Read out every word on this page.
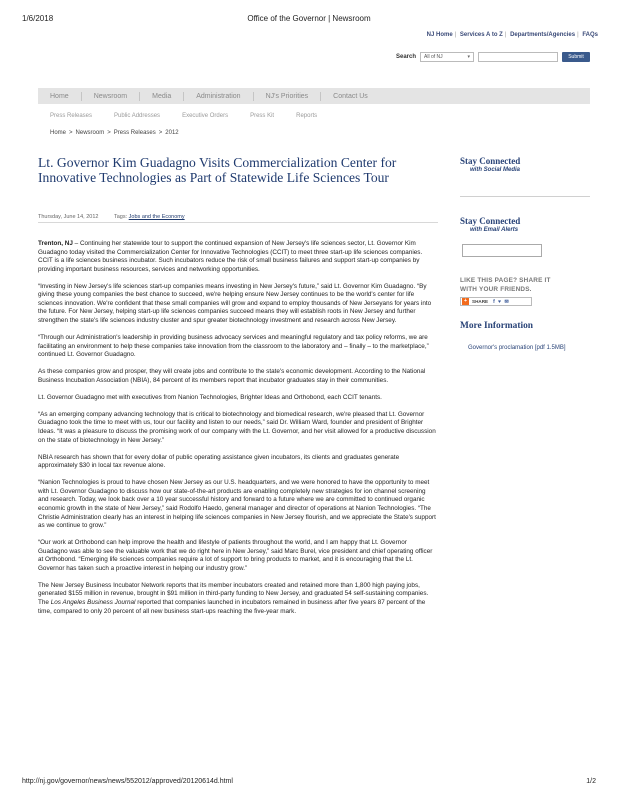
1/6/2018	Office of the Governor | Newsroom
NJ Home | Services A to Z | Departments/Agencies | FAQs
Search	All of NJ	▾	Submit
Home	Newsroom	Media	Administration	NJ's Priorities	Contact Us
Press Releases	Public Addresses	Executive Orders	Press Kit	Reports
Home > Newsroom > Press Releases > 2012
Lt. Governor Kim Guadagno Visits Commercialization Center for Innovative Technologies as Part of Statewide Life Sciences Tour
Thursday, June 14, 2012	Tags: Jobs and the Economy

Trenton, NJ – Continuing her statewide tour to support the continued expansion of New Jersey's life sciences sector, Lt. Governor Kim Guadagno today visited the Commercialization Center for Innovative Technologies (CCIT) to meet three start-up life sciences companies. CCIT is a life sciences business incubator. Such incubators reduce the risk of small business failures and support start-up companies by providing important business resources, services and networking opportunities.

“Investing in New Jersey's life sciences start-up companies means investing in New Jersey's future,” said Lt. Governor Kim Guadagno. “By giving these young companies the best chance to succeed, we're helping ensure New Jersey continues to be the world's center for life sciences innovation. We're confident that these small companies will grow and expand to employ thousands of New Jerseyans for years into the future. For New Jersey, helping start-up life sciences companies succeed means they will establish roots in New Jersey and further strengthen the state's life sciences industry cluster and spur greater biotechnology investment and research across New Jersey.

“Through our Administration's leadership in providing business advocacy services and meaningful regulatory and tax policy reforms, we are facilitating an environment to help these companies take innovation from the classroom to the laboratory and – finally – to the marketplace,” continued Lt. Governor Guadagno.

As these companies grow and prosper, they will create jobs and contribute to the state's economic development. According to the National Business Incubation Association (NBIA), 84 percent of its members report that incubator graduates stay in their communities.

Lt. Governor Guadagno met with executives from Nanion Technologies, Brighter Ideas and Orthobond, each CCIT tenants.

“As an emerging company advancing technology that is critical to biotechnology and biomedical research, we're pleased that Lt. Governor Guadagno took the time to meet with us, tour our facility and listen to our needs,” said Dr. William Ward, founder and president of Brighter Ideas. “It was a pleasure to discuss the promising work of our company with the Lt. Governor, and her visit allowed for a productive discussion on the state of biotechnology in New Jersey.”

NBIA research has shown that for every dollar of public operating assistance given incubators, its clients and graduates generate approximately $30 in local tax revenue alone.

“Nanion Technologies is proud to have chosen New Jersey as our U.S. headquarters, and we were honored to have the opportunity to meet with Lt. Governor Guadagno to discuss how our state-of-the-art products are enabling completely new strategies for ion channel screening and research. Today, we look back over a 10 year successful history and forward to a future where we are committed to continued organic economic growth in the state of New Jersey,” said Rodolfo Haedo, general manager and director of operations at Nanion Technologies. “The Christie Administration clearly has an interest in helping life sciences companies in New Jersey flourish, and we appreciate the State's support as we continue to grow.”

“Our work at Orthobond can help improve the health and lifestyle of patients throughout the world, and I am happy that Lt. Governor Guadagno was able to see the valuable work that we do right here in New Jersey,” said Marc Burel, vice president and chief operating officer at Orthobond. “Emerging life sciences companies require a lot of support to bring products to market, and it is encouraging that the Lt. Governor has taken such a proactive interest in helping our industry grow.”

The New Jersey Business Incubator Network reports that its member incubators created and retained more than 1,800 high paying jobs, generated $155 million in revenue, brought in $91 million in third-party funding to New Jersey, and graduated 54 self-sustaining companies. The Los Angeles Business Journal reported that companies launched in incubators remained in business after five years 87 percent of the time, compared to only 20 percent of all new business start-ups reaching the five-year mark.

Stay Connected
with Social Media
Stay Connected
with Email Alerts
LIKE THIS PAGE? SHARE IT
WITH YOUR FRIENDS.
+	SHARE f ♥ ✉
More Information
Governor's proclamation [pdf 1.5MB]
http://nj.gov/governor/news/news/552012/approved/20120614d.html	1/2
